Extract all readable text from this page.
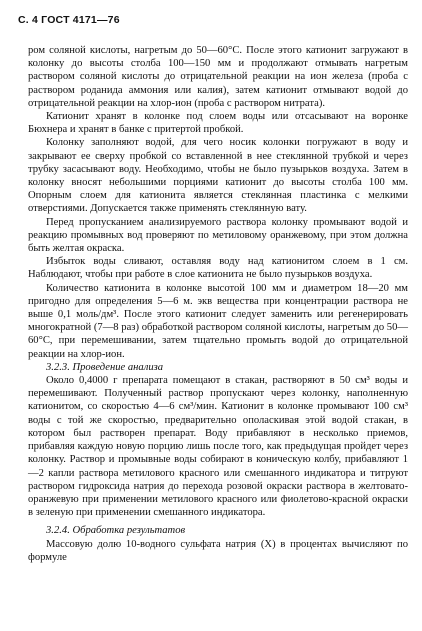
С. 4 ГОСТ 4171—76

ром соляной кислоты, нагретым до 50—60°С. После этого катионит загружают в колонку до высоты столба 100—150 мм и продолжают отмывать нагретым раствором соляной кислоты до отрицательной реакции на ион железа (проба с раствором роданида аммония или калия), затем катионит отмывают водой до отрицательной реакции на хлор-ион (проба с раствором нитрата).

Катионит хранят в колонке под слоем воды или отсасывают на воронке Бюхнера и хранят в банке с притертой пробкой.

Колонку заполняют водой, для чего носик колонки погружают в воду и закрывают ее сверху пробкой со вставленной в нее стеклянной трубкой и через трубку засасывают воду. Необходимо, чтобы не было пузырьков воздуха. Затем в колонку вносят небольшими порциями катионит до высоты столба 100 мм. Опорным слоем для катионита является стеклянная пластинка с мелкими отверстиями. Допускается также применять стеклянную вату.

Перед пропусканием анализируемого раствора колонку промывают водой и реакцию промывных вод проверяют по метиловому оранжевому, при этом должна быть желтая окраска.

Избыток воды сливают, оставляя воду над катионитом слоем в 1 см. Наблюдают, чтобы при работе в слое катионита не было пузырьков воздуха.

Количество катионита в колонке высотой 100 мм и диаметром 18—20 мм пригодно для определения 5—6 м. экв вещества при концентрации раствора не выше 0,1 моль/дм³. После этого катионит следует заменить или регенерировать многократной (7—8 раз) обработкой раствором соляной кислоты, нагретым до 50—60°С, при перемешивании, затем тщательно промыть водой до отрицательной реакции на хлор-ион.

3.2.3. Проведение анализа

Около 0,4000 г препарата помещают в стакан, растворяют в 50 см³ воды и перемешивают. Полученный раствор пропускают через колонку, наполненную катионитом, со скоростью 4—6 см³/мин. Катионит в колонке промывают 100 см³ воды с той же скоростью, предварительно ополаскивая этой водой стакан, в котором был растворен препарат. Воду прибавляют в несколько приемов, прибавляя каждую новую порцию лишь после того, как предыдущая пройдет через колонку. Раствор и промывные воды собирают в коническую колбу, прибавляют 1—2 капли раствора метилового красного или смешанного индикатора и титруют раствором гидроксида натрия до перехода розовой окраски раствора в желтовато-оранжевую при применении метилового красного или фиолетово-красной окраски в зеленую при применении смешанного индикатора.

3.2.4. Обработка результатов

Массовую долю 10-водного сульфата натрия (X) в процентах вычисляют по формуле
